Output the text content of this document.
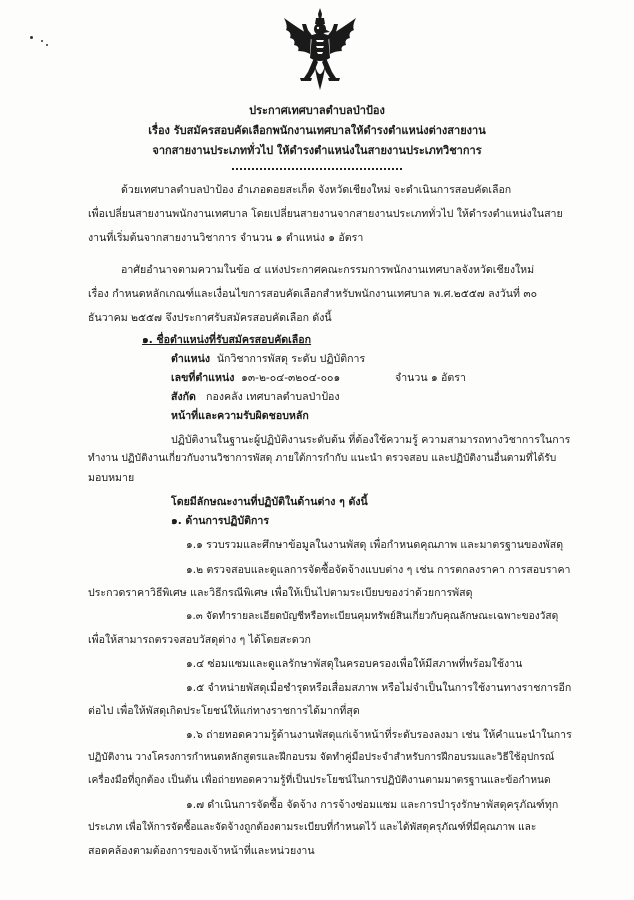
ประกาศเทศบาลตำบลป่าป้อง
เรื่อง รับสมัครสอบคัดเลือกพนักงานเทศบาลให้ดำรงตำแหน่งต่างสายงาน
จากสายงานประเภททั่วไป ให้ดำรงตำแหน่งในสายงานประเภทวิชาการ
ด้วยเทศบาลตำบลป่าป้อง อำเภอดอยสะเก็ด จังหวัดเชียงใหม่ จะดำเนินการสอบคัดเลือก
เพื่อเปลี่ยนสายงานพนักงานเทศบาล โดยเปลี่ยนสายงานจากสายงานประเภททั่วไป ให้ดำรงตำแหน่งในสาย
งานที่เริ่มต้นจากสายงานวิชาการ จำนวน ๑ ตำแหน่ง ๑ อัตรา
อาศัยอำนาจตามความในข้อ ๔ แห่งประกาศคณะกรรมการพนักงานเทศบาลจังหวัดเชียงใหม่
เรื่อง กำหนดหลักเกณฑ์และเงื่อนไขการสอบคัดเลือกสำหรับพนักงานเทศบาล พ.ศ.๒๕๕๗ ลงวันที่ ๓๐
ธันวาคม ๒๕๕๗ จึงประกาศรับสมัครสอบคัดเลือก ดังนี้
๑. ชื่อตำแหน่งที่รับสมัครสอบคัดเลือก
ตำแหน่ง นักวิชาการพัสดุ ระดับ ปฏิบัติการ
เลขที่ตำแหน่ง ๑๓-๒-๐๔-๓๒๐๔-๐๐๑	จำนวน ๑ อัตรา
สังกัด กองคลัง เทศบาลตำบลป่าป้อง
หน้าที่และความรับผิดชอบหลัก
ปฏิบัติงานในฐานะผู้ปฏิบัติงานระดับต้น ที่ต้องใช้ความรู้ ความสามารถทางวิชาการในการ
ทำงาน ปฏิบัติงานเกี่ยวกับงานวิชาการพัสดุ ภายใต้การกำกับ แนะนำ ตรวจสอบ และปฏิบัติงานอื่นตามที่ได้รับ
มอบหมาย
โดยมีลักษณะงานที่ปฏิบัติในด้านต่าง ๆ ดังนี้
๑. ด้านการปฏิบัติการ
๑.๑ รวบรวมและศึกษาข้อมูลในงานพัสดุ เพื่อกำหนดคุณภาพ และมาตรฐานของพัสดุ
๑.๒ ตรวจสอบและดูแลการจัดซื้อจัดจ้างแบบต่าง ๆ เช่น การตกลงราคา การสอบราคา
ประกวดราคาวิธีพิเศษ และวิธีกรณีพิเศษ เพื่อให้เป็นไปตามระเบียบของว่าด้วยการพัสดุ
๑.๓ จัดทำรายละเอียดบัญชีหรือทะเบียนคุมทรัพย์สินเกี่ยวกับคุณลักษณะเฉพาะของวัสดุ
เพื่อให้สามารถตรวจสอบวัสดุต่าง ๆ ได้โดยสะดวก
๑.๔ ซ่อมแซมและดูแลรักษาพัสดุในครอบครองเพื่อให้มีสภาพที่พร้อมใช้งาน
๑.๕ จำหน่ายพัสดุเมื่อชำรุดหรือเสื่อมสภาพ หรือไม่จำเป็นในการใช้งานทางราชการอีก
ต่อไป เพื่อให้พัสดุเกิดประโยชน์ให้แก่ทางราชการได้มากที่สุด
๑.๖ ถ่ายทอดความรู้ด้านงานพัสดุแก่เจ้าหน้าที่ระดับรองลงมา เช่น ให้คำแนะนำในการ
ปฏิบัติงาน วางโครงการกำหนดหลักสูตรและฝึกอบรม จัดทำคู่มือประจำสำหรับการฝึกอบรมและวิธีใช้อุปกรณ์
เครื่องมือที่ถูกต้อง เป็นต้น เพื่อถ่ายทอดความรู้ที่เป็นประโยชน์ในการปฏิบัติงานตามมาตรฐานและข้อกำหนด
๑.๗ ดำเนินการจัดซื้อ จัดจ้าง การจ้างซ่อมแซม และการบำรุงรักษาพัสดุครุภัณฑ์ทุก
ประเภท เพื่อให้การจัดซื้อและจัดจ้างถูกต้องตามระเบียบที่กำหนดไว้ และได้พัสดุครุภัณฑ์ที่มีคุณภาพ และ
สอดคล้องตามต้องการของเจ้าหน้าที่และหน่วยงาน
